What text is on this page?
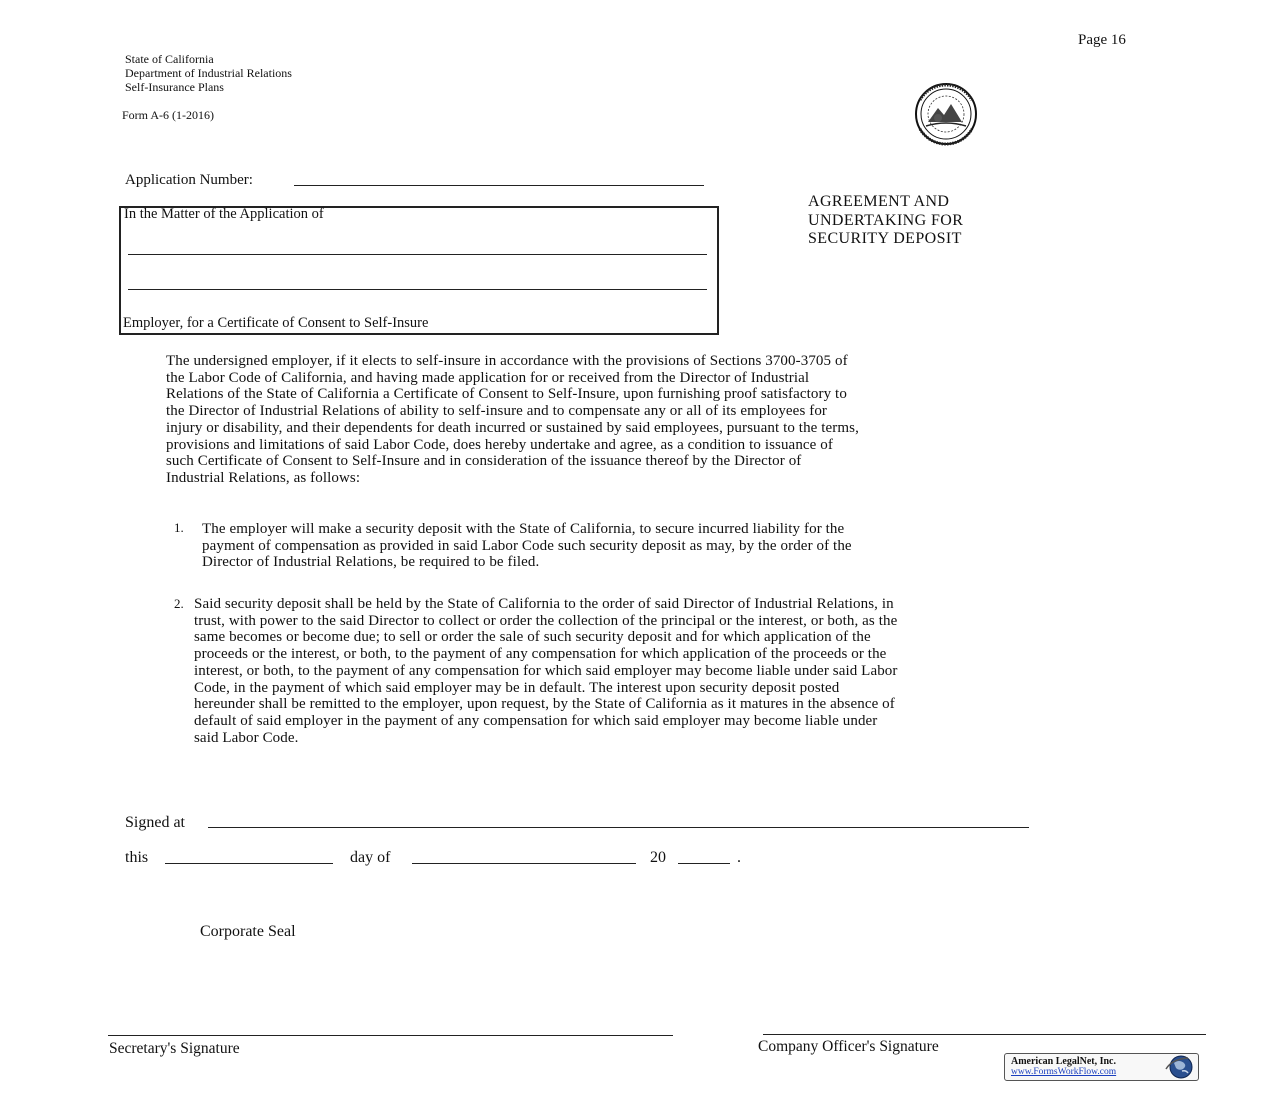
Page 16
State of California
Department of Industrial Relations
Self-Insurance Plans
Form A-6 (1-2016)
Application Number:
In the Matter of the Application of
Employer, for a Certificate of Consent to Self-Insure
AGREEMENT AND
UNDERTAKING FOR
SECURITY DEPOSIT
The undersigned employer, if it elects to self-insure in accordance with the provisions of Sections 3700-3705 of
the Labor Code of California, and having made application for or received from the Director of Industrial
Relations of the State of California a Certificate of Consent to Self-Insure, upon furnishing proof satisfactory to
the Director of Industrial Relations of ability to self-insure and to compensate any or all of its employees for
injury or disability, and their dependents for death incurred or sustained by said employees, pursuant to the terms,
provisions and limitations of said Labor Code, does hereby undertake and agree, as a condition to issuance of
such Certificate of Consent to Self-Insure and in consideration of the issuance thereof by the Director of
Industrial Relations, as follows:
1. The employer will make a security deposit with the State of California, to secure incurred liability for the
payment of compensation as provided in said Labor Code such security deposit as may, by the order of the
Director of Industrial Relations, be required to be filed.
2. Said security deposit shall be held by the State of California to the order of said Director of Industrial Relations, in
trust, with power to the said Director to collect or order the collection of the principal or the interest, or both, as the
same becomes or become due; to sell or order the sale of such security deposit and for which application of the
proceeds or the interest, or both, to the payment of any compensation for which application of the proceeds or the
interest, or both, to the payment of any compensation for which said employer may become liable under said Labor
Code, in the payment of which said employer may be in default. The interest upon security deposit posted
hereunder shall be remitted to the employer, upon request, by the State of California as it matures in the absence of
default of said employer in the payment of any compensation for which said employer may become liable under
said Labor Code.
Signed at
this	day of	20	.
Corporate Seal
Secretary's Signature	Company Officer's Signature
American LegalNet, Inc.
www.FormsWorkFlow.com
